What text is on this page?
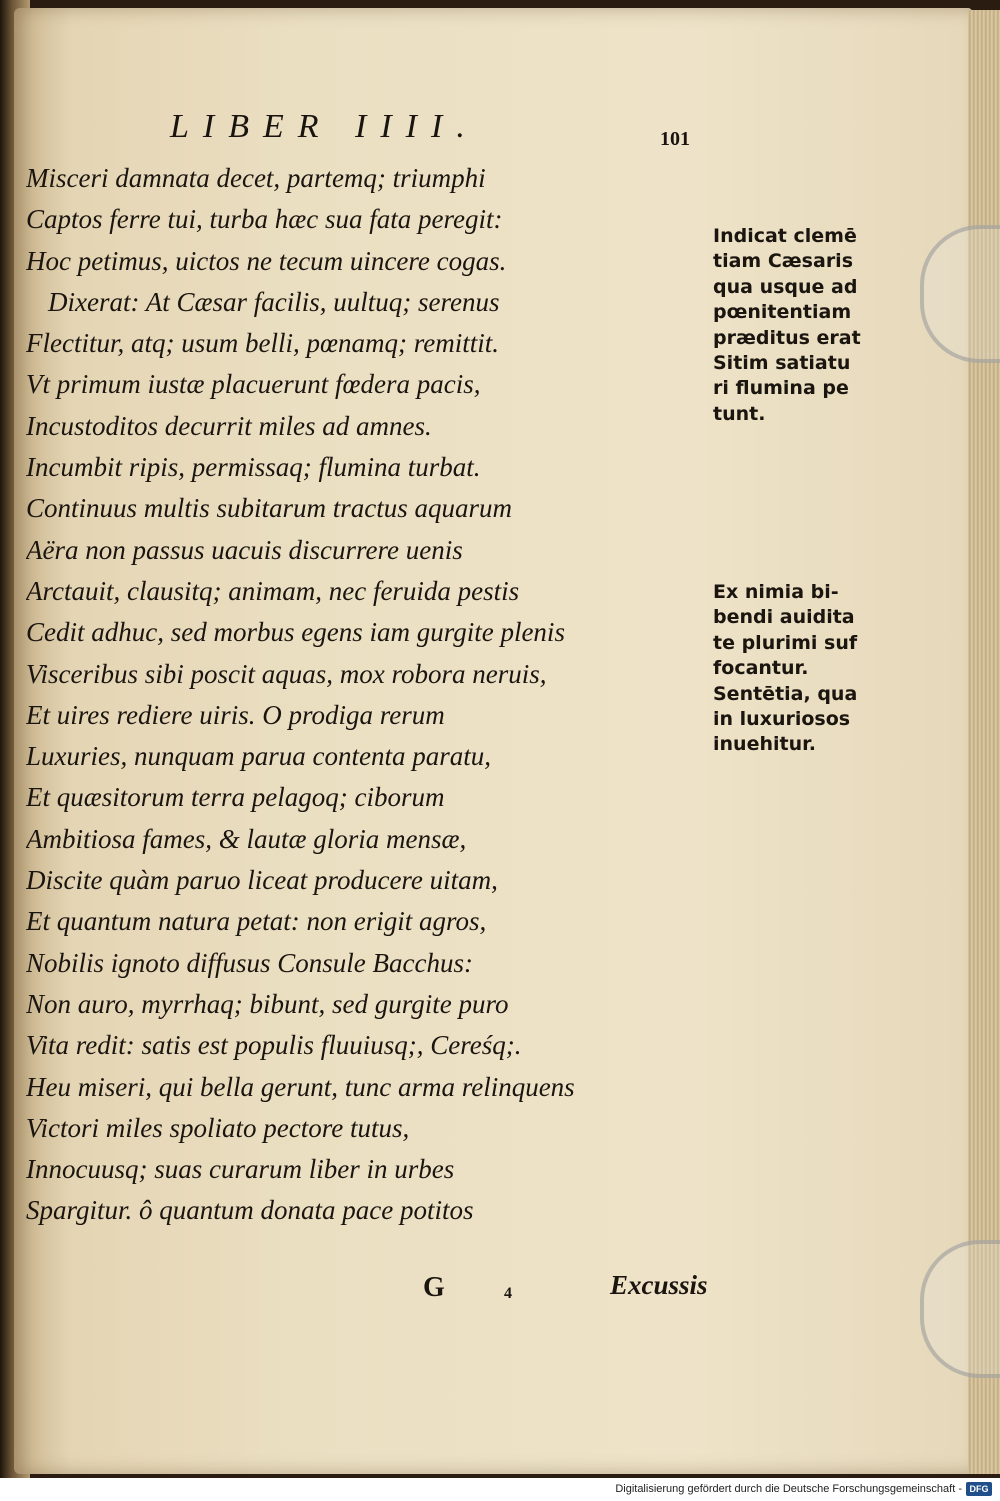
LIBER IIII.	101
Misceri damnata decet, partemq; triumphi
Captos ferre tui, turba hæc sua fata peregit:
Hoc petimus, uictos ne tecum uincere cogas.
Dixerat: At Cæsar facilis, uultuq; serenus
Flectitur, atq; usum belli, pœnamq; remittit.
Vt primum iustæ placuerunt fœdera pacis,
Incustoditos decurrit miles ad amnes.
Incumbit ripis, permissaq; flumina turbat.
Continuus multis subitarum tractus aquarum
Aëra non passus uacuis discurrere uenis
Arctauit, clausitq; animam, nec feruida pestis
Cedit adhuc, sed morbus egens iam gurgite plenis
Visceribus sibi poscit aquas, mox robora neruis,
Et uires rediere uiris. O prodiga rerum
Luxuries, nunquam parua contenta paratu,
Et quæsitorum terra pelagoq; ciborum
Ambitiosa fames, & lautæ gloria mensæ,
Discite quàm paruo liceat producere uitam,
Et quantum natura petat: non erigit agros,
Nobilis ignoto diffusus Consule Bacchus:
Non auro, myrrhaq; bibunt, sed gurgite puro
Vita redit: satis est populis fluuiusq;, Cereśq;.
Heu miseri, qui bella gerunt, tunc arma relinquens
Victori miles spoliato pectore tutus,
Innocuusq; suas curarum liber in urbes
Spargitur. ô quantum donata pace potitos
Indicat clemē
tiam Cæsaris
qua usque ad
pœnitentiam
præditus erat
Sitim satiatu
ri flumina pe
tunt.
Ex nimia bi-
bendi auidita
te plurimi suf
focantur.
Sentētia, qua
in luxuriosos
inuehitur.
G	4	Excussis
Digitalisierung gefördert durch die Deutsche Forschungsgemeinschaft - DFG
